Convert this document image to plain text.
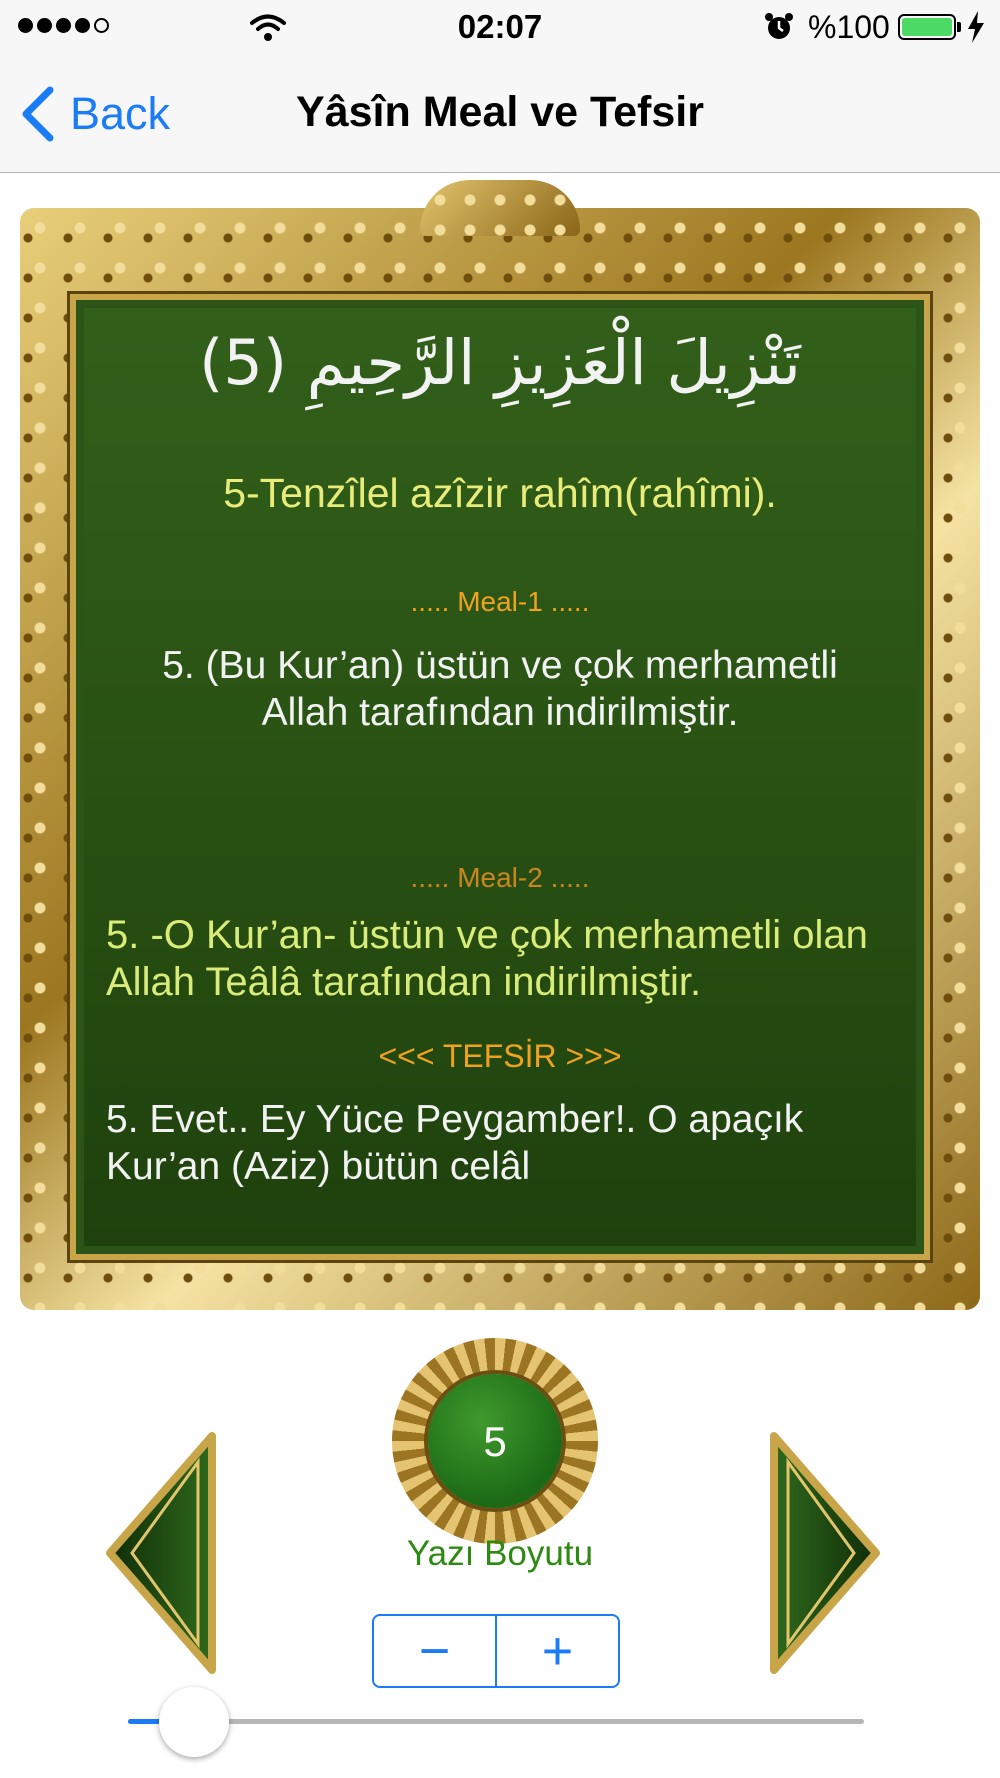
02:07	%100
Back	Yâsîn Meal ve Tefsir
تَنْزِيلَ الْعَزِيزِ الرَّحِيمِ (5)
5-Tenzîlel azîzir rahîm(rahîmi).
..... Meal-1 .....
5. (Bu Kur’an) üstün ve çok merhametli Allah tarafından indirilmiştir.
..... Meal-2 .....
5. -O Kur’an- üstün ve çok merhametli olan Allah Teâlâ tarafından indirilmiştir.
<<< TEFSİR >>>
5. Evet.. Ey Yüce Peygamber!. O apaçık Kur’an (Aziz) bütün celâl
5
Yazı Boyutu
−	+
